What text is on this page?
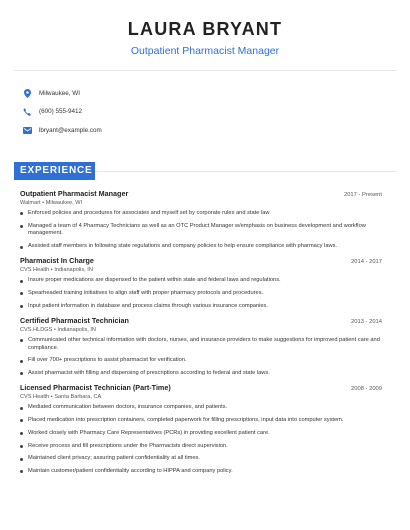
LAURA BRYANT
Outpatient Pharmacist Manager
Milwaukee, WI
(600) 555-9412
lbryant@example.com
EXPERIENCE
Outpatient Pharmacist Manager	2017 - Present
Walmart • Milwaukee, WI
Enforced policies and procedures for associates and myself set by corporate rules and state law
Managed a team of 4 Pharmacy Technicians as well as an OTC Product Manager w/emphasis on business development and workflow management.
Assisted staff members in following state regulations and company policies to help ensure compliance with pharmacy laws.
Pharmacist In Charge	2014 - 2017
CVS Health • Indianapolis, IN
Insure proper medications are dispensed to the patient within state and federal laws and regulations.
Spearheaded training initiatives to align staff with proper pharmacy protocols and procedures.
Input patient information in database and process claims through various insurance companies.
Certified Pharmacist Technician	2013 - 2014
CVS HLDGS • Indianapolis, IN
Communicated other technical information with doctors, nurses, and insurance providers to make suggestions for improved patient care and compliance.
Fill over 700+ prescriptions to assist pharmacist for verification.
Assist pharmacist with filling and dispensing of prescriptions according to federal and state laws.
Licensed Pharmacist Technician (Part-Time)	2008 - 2009
CVS Health • Santa Barbara, CA
Mediated communication between doctors, insurance companies, and patients.
Placed medication into prescription containers, completed paperwork for filling prescriptions, input data into computer system.
Worked closely with Pharmacy Care Representatives (PCRs) in providing excellent patient care.
Receive process and fill prescriptions under the Pharmacists direct supervision.
Maintained client privacy; assuring patient confidentiality at all times.
Maintain customer/patient confidentiality according to HIPPA and company policy.
